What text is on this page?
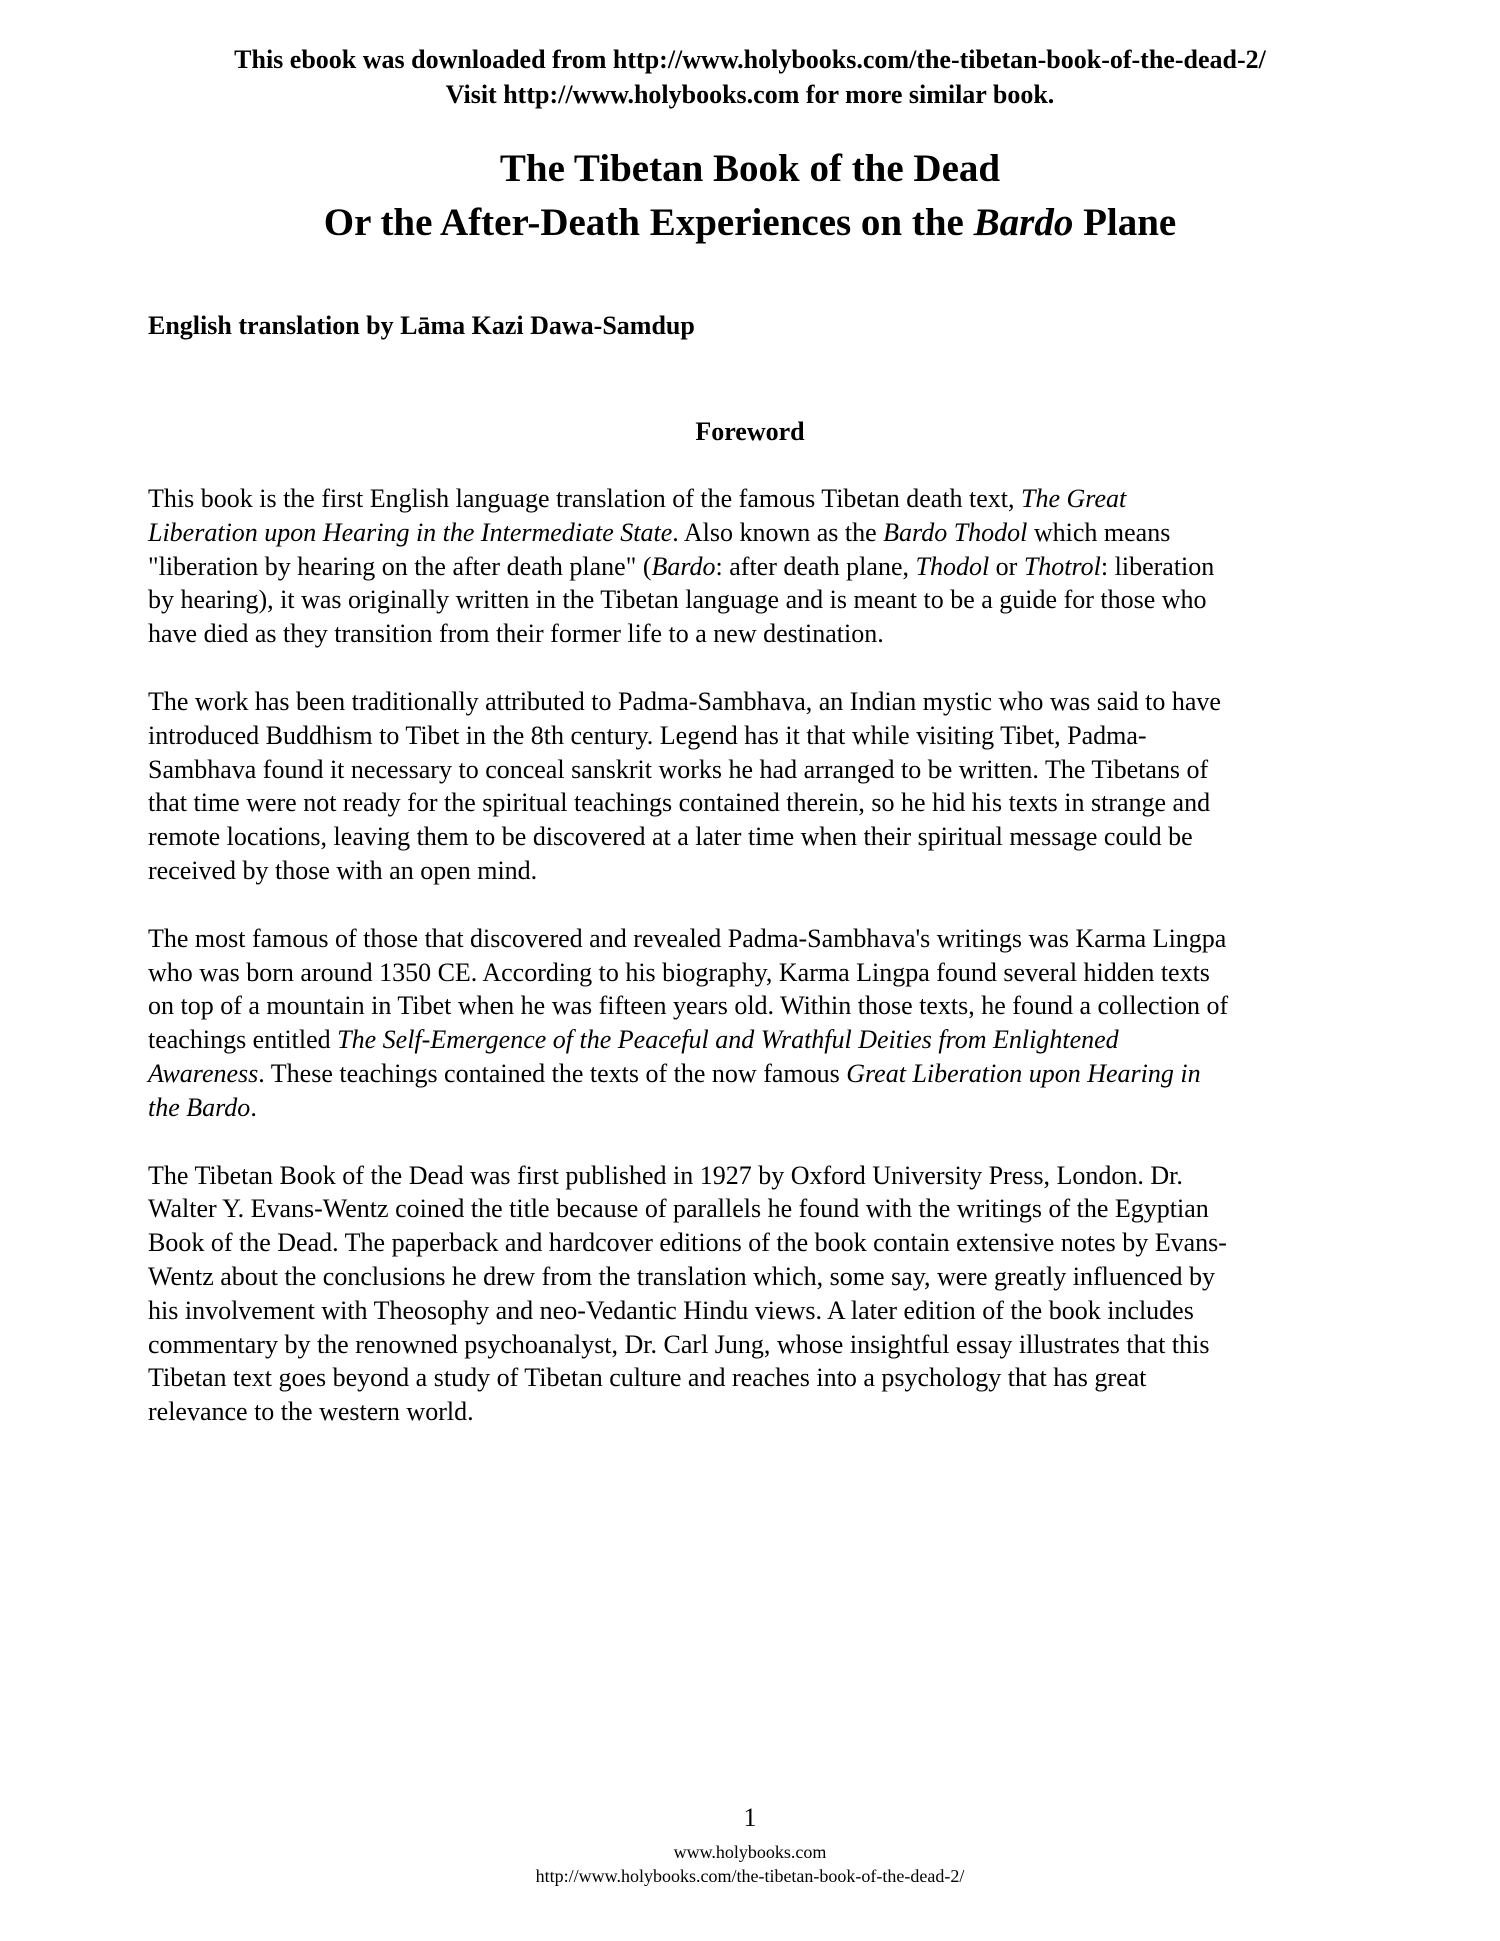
This ebook was downloaded from http://www.holybooks.com/the-tibetan-book-of-the-dead-2/
Visit http://www.holybooks.com for more similar book.
The Tibetan Book of the Dead
Or the After-Death Experiences on the Bardo Plane
English translation by Lāma Kazi Dawa-Samdup
Foreword

This book is the first English language translation of the famous Tibetan death text, The Great
Liberation upon Hearing in the Intermediate State. Also known as the Bardo Thodol which means
"liberation by hearing on the after death plane" (Bardo: after death plane, Thodol or Thotrol: liberation
by hearing), it was originally written in the Tibetan language and is meant to be a guide for those who
have died as they transition from their former life to a new destination.

The work has been traditionally attributed to Padma-Sambhava, an Indian mystic who was said to have
introduced Buddhism to Tibet in the 8th century. Legend has it that while visiting Tibet, Padma-
Sambhava found it necessary to conceal sanskrit works he had arranged to be written. The Tibetans of
that time were not ready for the spiritual teachings contained therein, so he hid his texts in strange and
remote locations, leaving them to be discovered at a later time when their spiritual message could be
received by those with an open mind.

The most famous of those that discovered and revealed Padma-Sambhava's writings was Karma Lingpa
who was born around 1350 CE. According to his biography, Karma Lingpa found several hidden texts
on top of a mountain in Tibet when he was fifteen years old. Within those texts, he found a collection of
teachings entitled The Self-Emergence of the Peaceful and Wrathful Deities from Enlightened
Awareness. These teachings contained the texts of the now famous Great Liberation upon Hearing in
the Bardo.

The Tibetan Book of the Dead was first published in 1927 by Oxford University Press, London. Dr.
Walter Y. Evans-Wentz coined the title because of parallels he found with the writings of the Egyptian
Book of the Dead. The paperback and hardcover editions of the book contain extensive notes by Evans-
Wentz about the conclusions he drew from the translation which, some say, were greatly influenced by
his involvement with Theosophy and neo-Vedantic Hindu views. A later edition of the book includes
commentary by the renowned psychoanalyst, Dr. Carl Jung, whose insightful essay illustrates that this
Tibetan text goes beyond a study of Tibetan culture and reaches into a psychology that has great
relevance to the western world.

1
www.holybooks.com
http://www.holybooks.com/the-tibetan-book-of-the-dead-2/
